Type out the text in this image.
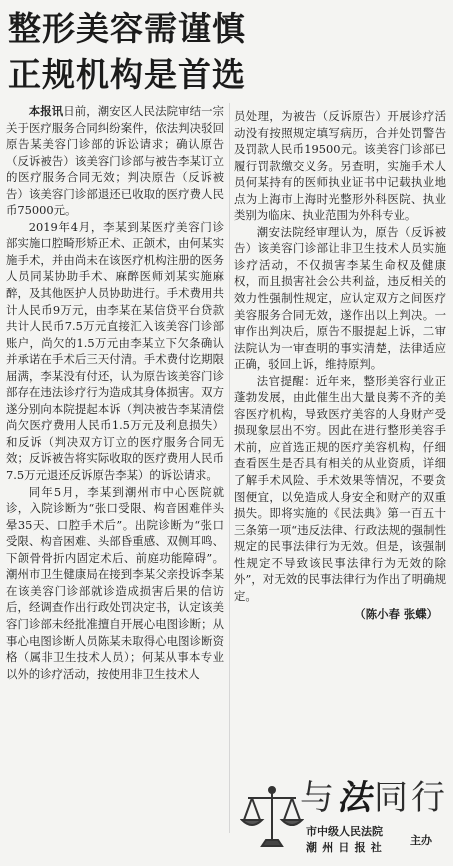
整形美容需谨慎
正规机构是首选

本报讯日前，潮安区人民法院审结一宗关于医疗服务合同纠纷案件，依法判决驳回原告某美容门诊部的诉讼请求；确认原告（反诉被告）该美容门诊部与被告李某订立的医疗服务合同无效；判决原告（反诉被告）该美容门诊部退还已收取的医疗费人民币75000元。

2019年4月，李某到某医疗美容门诊部实施口腔畸形矫正术、正颌术，由何某实施手术，并由尚未在该医疗机构注册的医务人员同某协助手术、麻醉医师刘某实施麻醉，及其他医护人员协助进行。手术费用共计人民币9万元，由李某在某信贷平台贷款共计人民币7.5万元直接汇入该美容门诊部账户，尚欠的1.5万元由李某立下欠条确认并承诺在手术后三天付清。手术费付讫期限届满，李某没有付还，认为原告该美容门诊部存在违法诊疗行为造成其身体损害。双方遂分别向本院提起本诉（判决被告李某清偿尚欠医疗费用人民币1.5万元及利息损失）和反诉（判决双方订立的医疗服务合同无效；反诉被告将实际收取的医疗费用人民币7.5万元退还反诉原告李某）的诉讼请求。

同年5月，李某到潮州市中心医院就诊，入院诊断为“张口受限、构音困难伴头晕35天、口腔手术后”。出院诊断为“张口受限、构音困难、头部昏重感、双侧耳鸣、下颌骨骨折内固定术后、前庭功能障碍”。潮州市卫生健康局在接到李某父亲投诉李某在该美容门诊部就诊造成损害后果的信访后，经调查作出行政处罚决定书，认定该美容门诊部未经批准擅自开展心电图诊断；从事心电图诊断人员陈某未取得心电图诊断资格（属非卫生技术人员）；何某从事本专业以外的诊疗活动，按使用非卫生技术人

员处理，为被告（反诉原告）开展诊疗活动没有按照规定填写病历，合并处罚警告及罚款人民币19500元。该美容门诊部已履行罚款缴交义务。另查明，实施手术人员何某持有的医师执业证书中记载执业地点为上海市上海时光整形外科医院、执业类别为临床、执业范围为外科专业。

潮安法院经审理认为，原告（反诉被告）该美容门诊部让非卫生技术人员实施诊疗活动，不仅损害李某生命权及健康权，而且损害社会公共利益，违反相关的效力性强制性规定，应认定双方之间医疗美容服务合同无效，遂作出以上判决。一审作出判决后，原告不服提起上诉，二审法院认为一审查明的事实清楚，法律适应正确，驳回上诉，维持原判。

法官提醒：近年来，整形美容行业正蓬勃发展，由此催生出大量良莠不齐的美容医疗机构，导致医疗美容的人身财产受损现象层出不穷。因此在进行整形美容手术前，应首选正规的医疗美容机构，仔细查看医生是否具有相关的从业资质，详细了解手术风险、手术效果等情况，不要贪图便宜，以免造成人身安全和财产的双重损失。即将实施的《民法典》第一百五十三条第一项“违反法律、行政法规的强制性规定的民事法律行为无效。但是，该强制性规定不导致该民事法律行为无效的除外”，对无效的民事法律行为作出了明确规定。

（陈小春 张蝶）
与法同行
市中级人民法院
潮州日报社
主办
